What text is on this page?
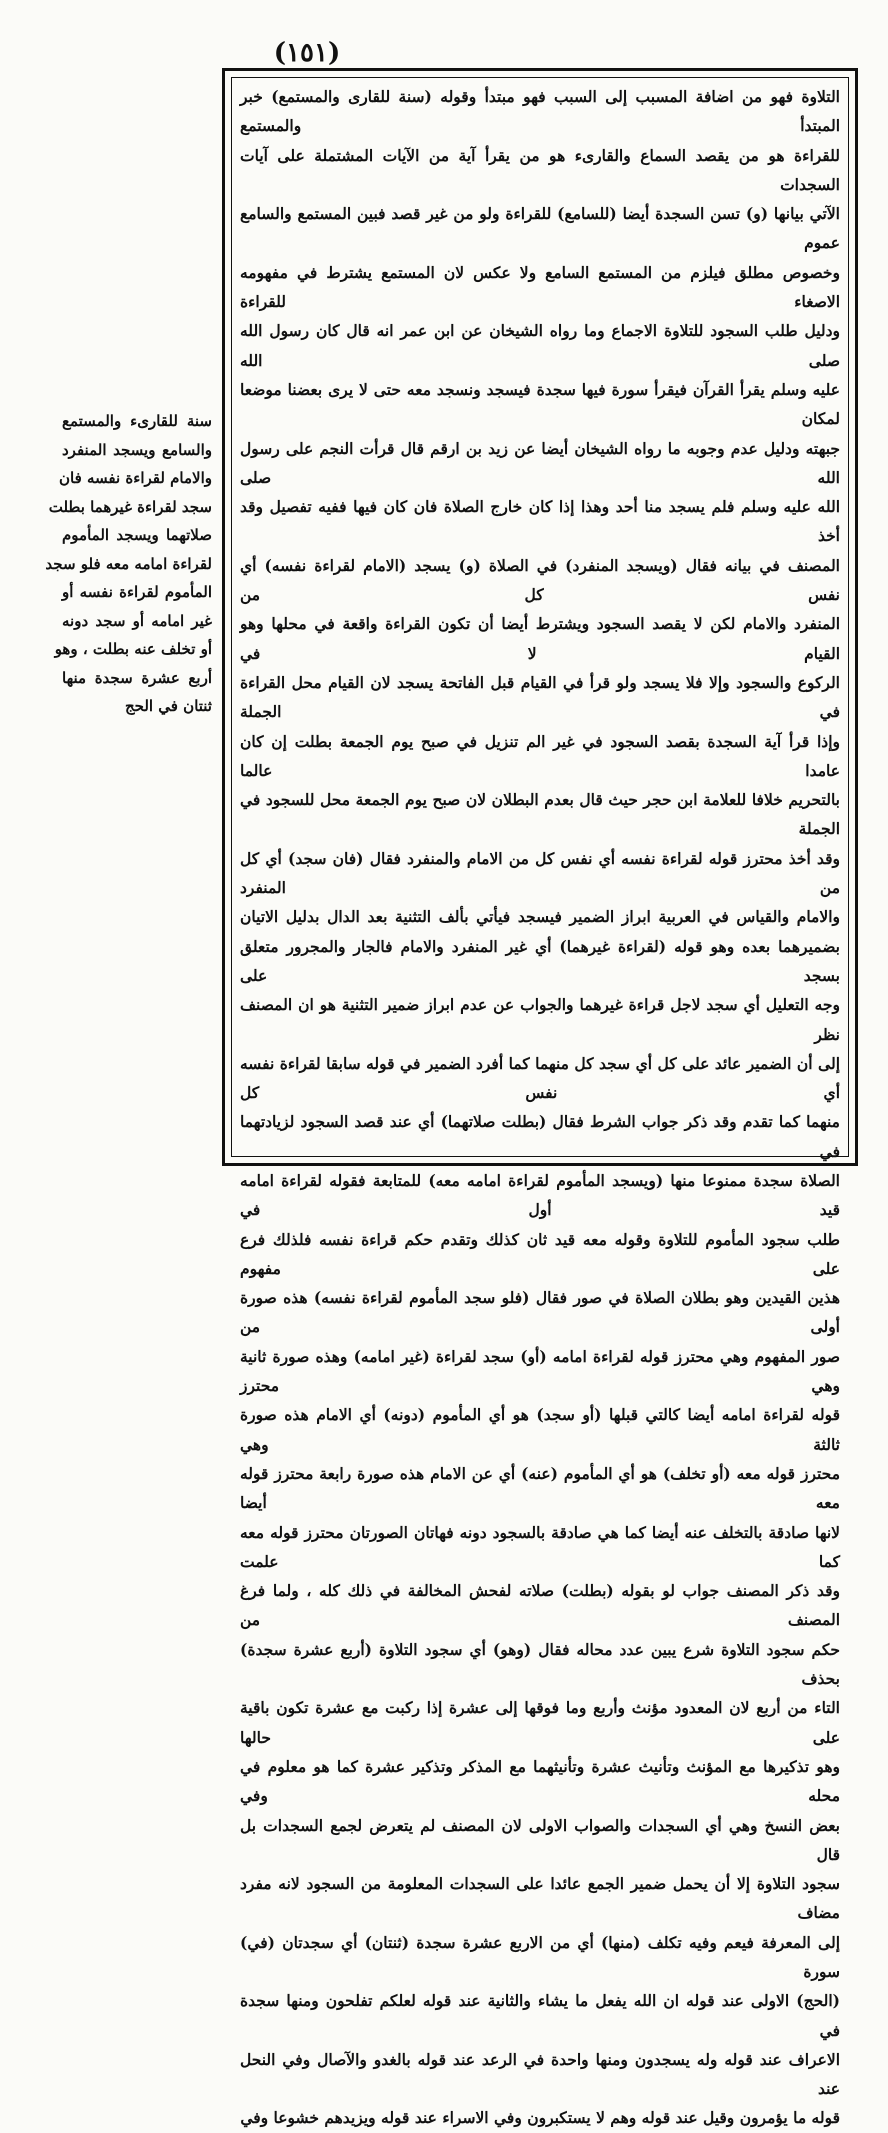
(١٥١)

التلاوة فهو من اضافة المسبب إلى السبب فهو مبتدأ وقوله (سنة للقارى والمستمع) خبر المبتدأ والمستمع

للقراءة هو من يقصد السماع والقارىء هو من يقرأ آية من الآيات المشتملة على آيات السجدات

الآتي بيانها (و) تسن السجدة أيضا (للسامع) للقراءة ولو من غير قصد فبين المستمع والسامع عموم

وخصوص مطلق فيلزم من المستمع السامع ولا عكس لان المستمع يشترط في مفهومه الاصغاء للقراءة

ودليل طلب السجود للتلاوة الاجماع وما رواه الشيخان عن ابن عمر انه قال كان رسول الله صلى الله

عليه وسلم يقرأ القرآن فيقرأ سورة فيها سجدة فيسجد ونسجد معه حتى لا يرى بعضنا موضعا لمكان

جبهته ودليل عدم وجوبه ما رواه الشيخان أيضا عن زيد بن ارقم قال قرأت النجم على رسول الله صلى

الله عليه وسلم فلم يسجد منا أحد وهذا إذا كان خارج الصلاة فان كان فيها ففيه تفصيل وقد أخذ

المصنف في بيانه فقال (ويسجد المنفرد) في الصلاة (و) يسجد (الامام لقراءة نفسه) أي نفس كل من

المنفرد والامام لكن لا يقصد السجود ويشترط أيضا أن تكون القراءة واقعة في محلها وهو القيام لا في

الركوع والسجود وإلا فلا يسجد ولو قرأ في القيام قبل الفاتحة يسجد لان القيام محل القراءة في الجملة

وإذا قرأ آية السجدة بقصد السجود في غير الم تنزيل في صبح يوم الجمعة بطلت إن كان عامدا عالما

بالتحريم خلافا للعلامة ابن حجر حيث قال بعدم البطلان لان صبح يوم الجمعة محل للسجود في الجملة

وقد أخذ محترز قوله لقراءة نفسه أي نفس كل من الامام والمنفرد فقال (فان سجد) أي كل من المنفرد

والامام والقياس في العربية ابراز الضمير فيسجد فيأتي بألف التثنية بعد الدال بدليل الاتيان

بضميرهما بعده وهو قوله (لقراءة غيرهما) أي غير المنفرد والامام فالجار والمجرور متعلق بسجد على

وجه التعليل أي سجد لاجل قراءة غيرهما والجواب عن عدم ابراز ضمير التثنية هو ان المصنف نظر

إلى أن الضمير عائد على كل أي سجد كل منهما كما أفرد الضمير في قوله سابقا لقراءة نفسه أي نفس كل

منهما كما تقدم وقد ذكر جواب الشرط فقال (بطلت صلاتهما) أي عند قصد السجود لزيادتهما في

الصلاة سجدة ممنوعا منها (ويسجد المأموم لقراءة امامه معه) للمتابعة فقوله لقراءة امامه قيد أول في

طلب سجود المأموم للتلاوة وقوله معه قيد ثان كذلك وتقدم حكم قراءة نفسه فلذلك فرع على مفهوم

هذين القيدين وهو بطلان الصلاة في صور فقال (فلو سجد المأموم لقراءة نفسه) هذه صورة أولى من

صور المفهوم وهي محترز قوله لقراءة امامه (أو) سجد لقراءة (غير امامه) وهذه صورة ثانية وهي محترز

قوله لقراءة امامه أيضا كالتي قبلها (أو سجد) هو أي المأموم (دونه) أي الامام هذه صورة ثالثة وهي

محترز قوله معه (أو تخلف) هو أي المأموم (عنه) أي عن الامام هذه صورة رابعة محترز قوله معه أيضا

لانها صادقة بالتخلف عنه أيضا كما هي صادقة بالسجود دونه فهاتان الصورتان محترز قوله معه كما علمت

وقد ذكر المصنف جواب لو بقوله (بطلت) صلاته لفحش المخالفة في ذلك كله ، ولما فرغ المصنف من

حكم سجود التلاوة شرع يبين عدد محاله فقال (وهو) أي سجود التلاوة (أربع عشرة سجدة) بحذف

التاء من أربع لان المعدود مؤنث وأربع وما فوقها إلى عشرة إذا ركبت مع عشرة تكون باقية على حالها

وهو تذكيرها مع المؤنث وتأنيث عشرة وتأنيثهما مع المذكر وتذكير عشرة كما هو معلوم في محله وفي

بعض النسخ وهي أي السجدات والصواب الاولى لان المصنف لم يتعرض لجمع السجدات بل قال

سجود التلاوة إلا أن يحمل ضمير الجمع عائدا على السجدات المعلومة من السجود لانه مفرد مضاف

إلى المعرفة فيعم وفيه تكلف (منها) أي من الاربع عشرة سجدة (ثنتان) أي سجدتان (في) سورة

(الحج) الاولى عند قوله ان الله يفعل ما يشاء والثانية عند قوله لعلكم تفلحون ومنها سجدة في

الاعراف عند قوله وله يسجدون ومنها واحدة في الرعد عند قوله بالغدو والآصال وفي النحل عند

قوله ما يؤمرون وقيل عند قوله وهم لا يستكبرون وفي الاسراء عند قوله ويزيدهم خشوعا وفي

سنة للقارىء والمستمع
والسامع ويسجد المنفرد
والامام لقراءة نفسه فان
سجد لقراءة غيرهما بطلت
صلاتهما ويسجد المأموم
لقراءة امامه معه فلو سجد
المأموم لقراءة نفسه أو
غير امامه أو سجد دونه
أو تخلف عنه بطلت ، وهو
أربع عشرة سجدة منها
ثنتان في الحج
